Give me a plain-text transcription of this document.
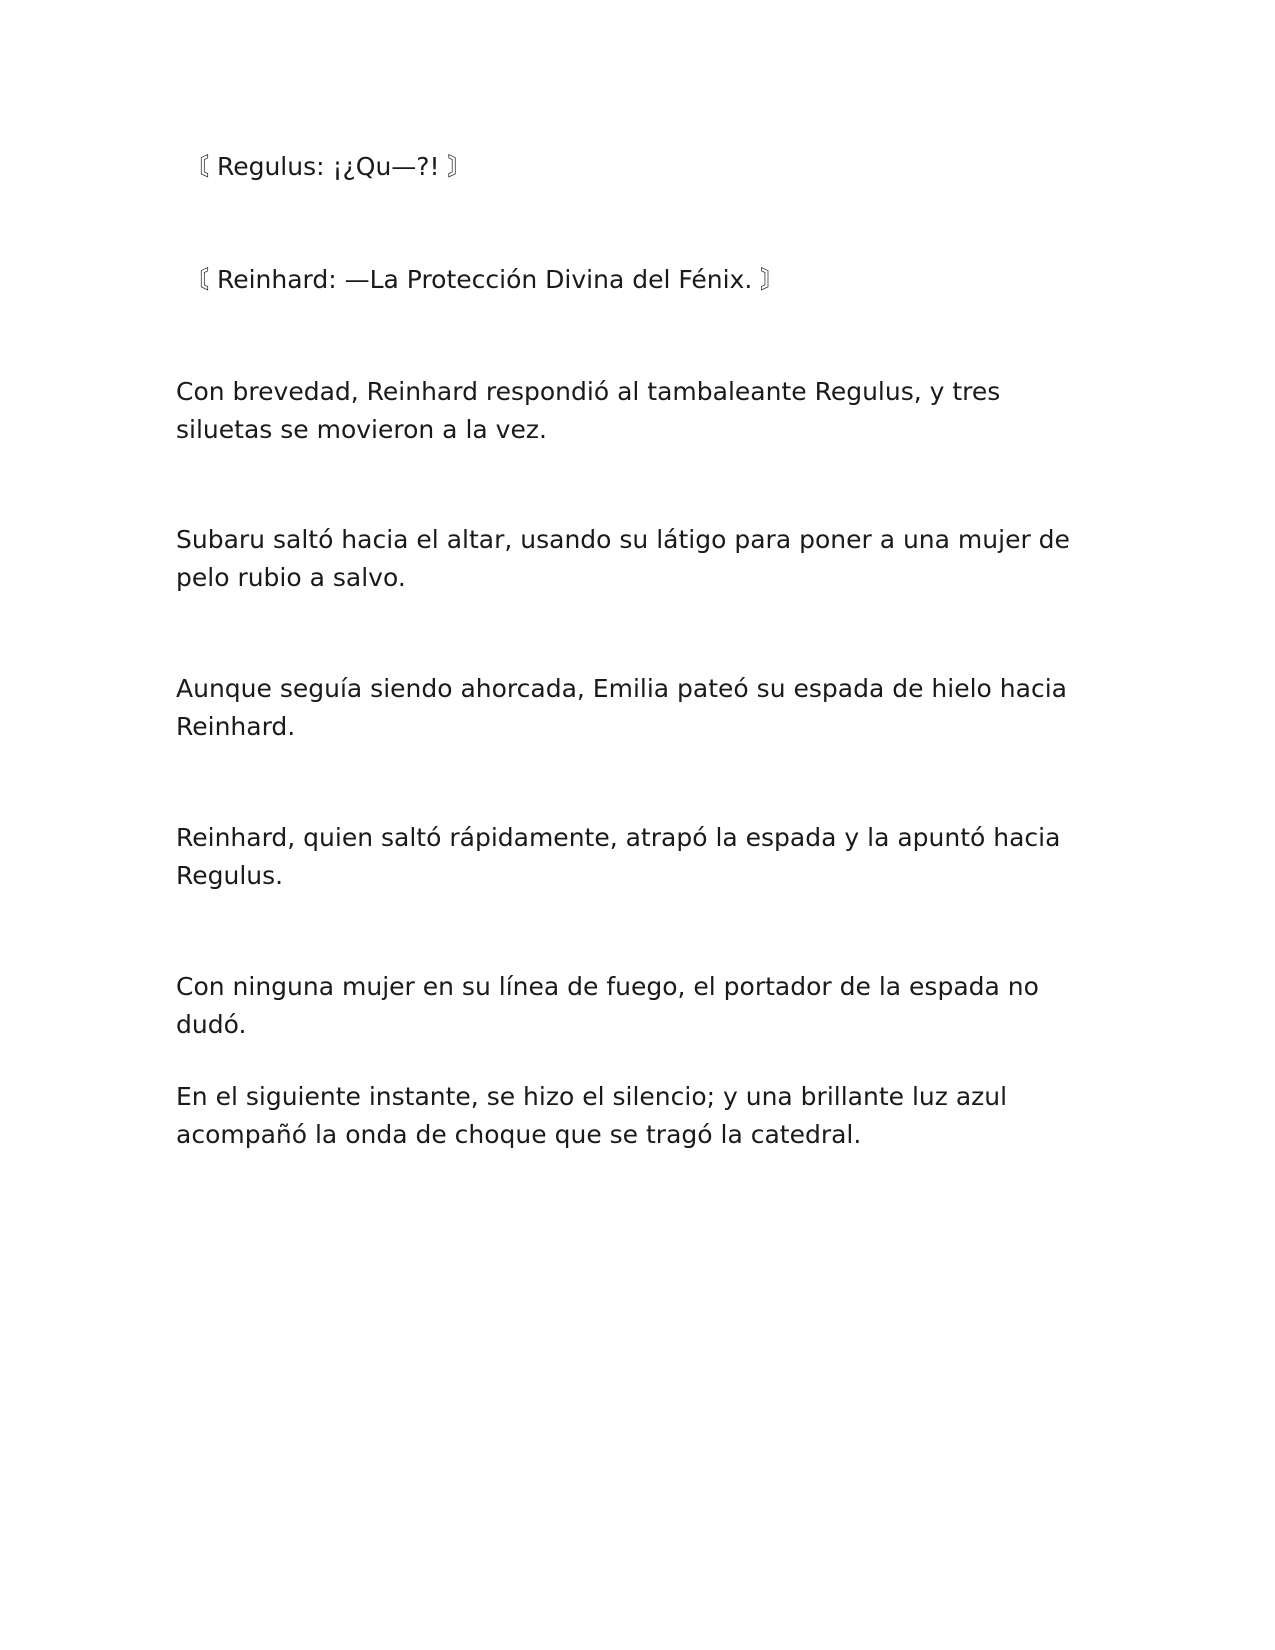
〘 Regulus: ¡¿Qu—?! 〙

〘 Reinhard: —La Protección Divina del Fénix. 〙

Con brevedad, Reinhard respondió al tambaleante Regulus, y tres siluetas se movieron a la vez.

Subaru saltó hacia el altar, usando su látigo para poner a una mujer de pelo rubio a salvo.

Aunque seguía siendo ahorcada, Emilia pateó su espada de hielo hacia Reinhard.

Reinhard, quien saltó rápidamente, atrapó la espada y la apuntó hacia Regulus.

Con ninguna mujer en su línea de fuego, el portador de la espada no dudó.

En el siguiente instante, se hizo el silencio; y una brillante luz azul acompañó la onda de choque que se tragó la catedral.
